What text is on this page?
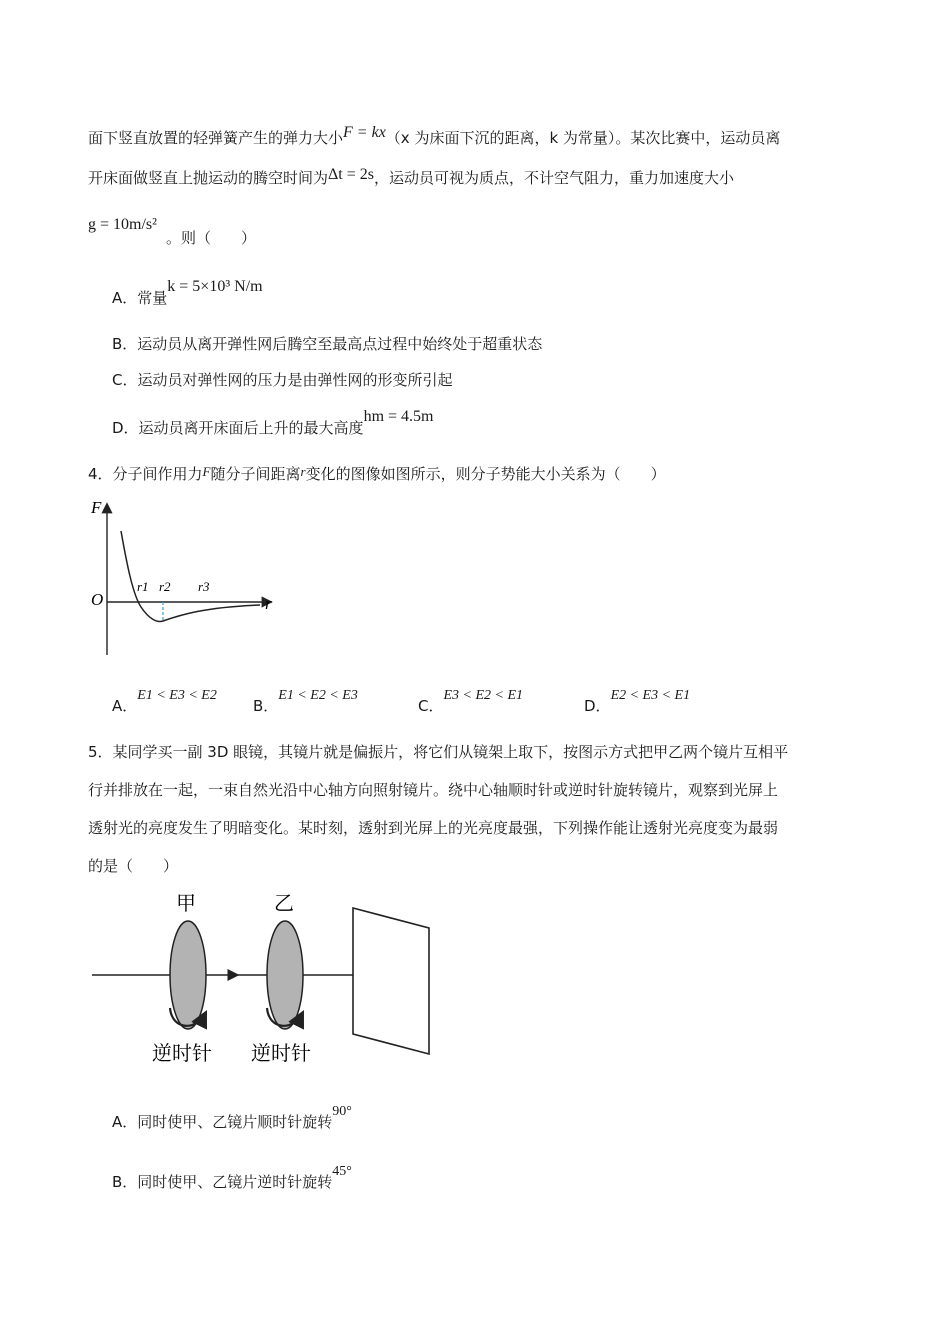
面下竖直放置的轻弹簧产生的弹力大小F = kx（x 为床面下沉的距离，k 为常量）。某次比赛中，运动员离
开床面做竖直上抛运动的腾空时间为Δt = 2s，运动员可视为质点，不计空气阻力，重力加速度大小
g = 10m/s²
。则（　　）
A．常量k = 5×10³ N/m
B．运动员从离开弹性网后腾空至最高点过程中始终处于超重状态
C．运动员对弹性网的压力是由弹性网的形变所引起
D．运动员离开床面后上升的最大高度hm = 4.5m
4．分子间作用力F随分子间距离r变化的图像如图所示，则分子势能大小关系为（　　）
F
O	r
r1 r2 r3
A．E1 < E3 < E2
B．E1 < E2 < E3
C．E3 < E2 < E1
D．E2 < E3 < E1
5．某同学买一副 3D 眼镜，其镜片就是偏振片，将它们从镜架上取下，按图示方式把甲乙两个镜片互相平
行并排放在一起，一束自然光沿中心轴方向照射镜片。绕中心轴顺时针或逆时针旋转镜片，观察到光屏上
透射光的亮度发生了明暗变化。某时刻，透射到光屏上的光亮度最强，下列操作能让透射光亮度变为最弱
的是（　　）
甲	乙
逆时针 逆时针
A．同时使甲、乙镜片顺时针旋转90°
B．同时使甲、乙镜片逆时针旋转45°
